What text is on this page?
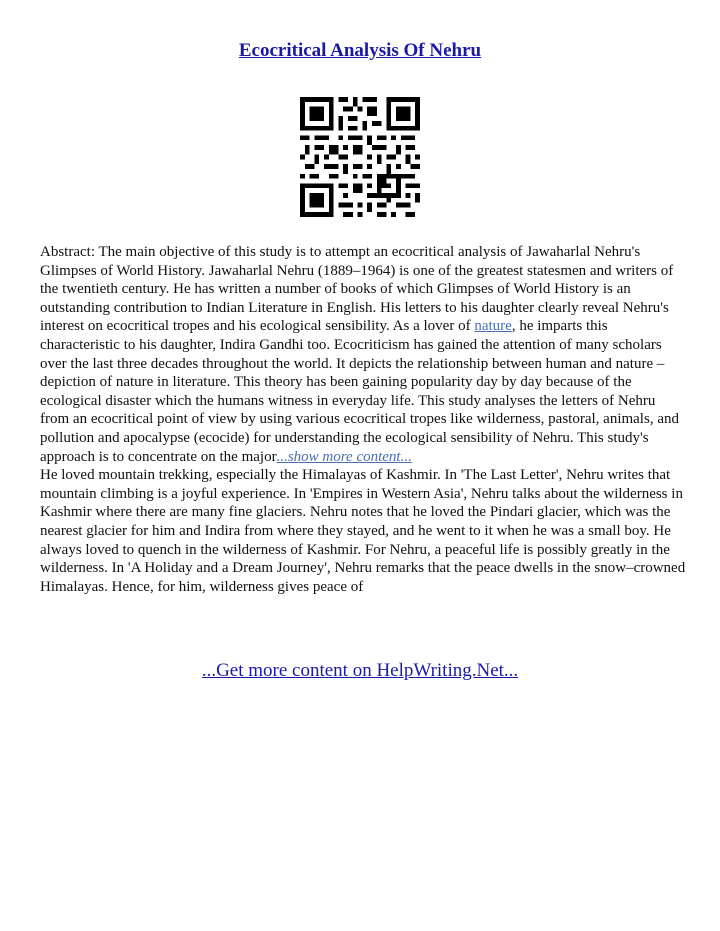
Ecocritical Analysis Of Nehru

Abstract: The main objective of this study is to attempt an ecocritical analysis of Jawaharlal Nehru's Glimpses of World History. Jawaharlal Nehru (1889–1964) is one of the greatest statesmen and writers of the twentieth century. He has written a number of books of which Glimpses of World History is an outstanding contribution to Indian Literature in English. His letters to his daughter clearly reveal Nehru's interest on ecocritical tropes and his ecological sensibility. As a lover of nature, he imparts this characteristic to his daughter, Indira Gandhi too. Ecocriticism has gained the attention of many scholars over the last three decades throughout the world. It depicts the relationship between human and nature – depiction of nature in literature. This theory has been gaining popularity day by day because of the ecological disaster which the humans witness in everyday life. This study analyses the letters of Nehru from an ecocritical point of view by using various ecocritical tropes like wilderness, pastoral, animals, and pollution and apocalypse (ecocide) for understanding the ecological sensibility of Nehru. This study's approach is to concentrate on the major...show more content...

He loved mountain trekking, especially the Himalayas of Kashmir. In 'The Last Letter', Nehru writes that mountain climbing is a joyful experience. In 'Empires in Western Asia', Nehru talks about the wilderness in Kashmir where there are many fine glaciers. Nehru notes that he loved the Pindari glacier, which was the nearest glacier for him and Indira from where they stayed, and he went to it when he was a small boy. He always loved to quench in the wilderness of Kashmir. For Nehru, a peaceful life is possibly greatly in the wilderness. In 'A Holiday and a Dream Journey', Nehru remarks that the peace dwells in the snow–crowned Himalayas. Hence, for him, wilderness gives peace of

...Get more content on HelpWriting.Net...
